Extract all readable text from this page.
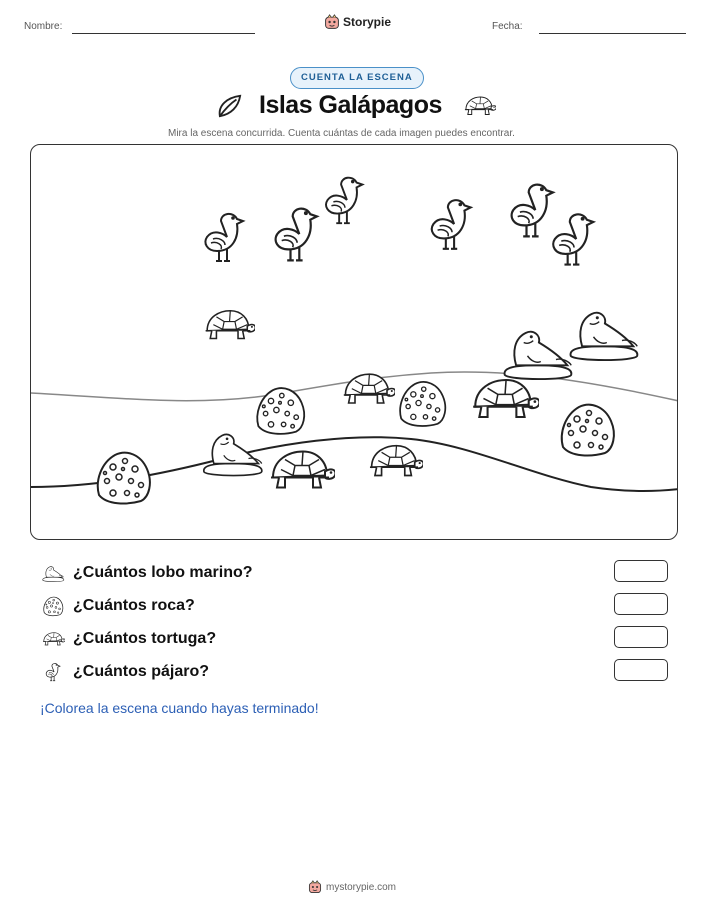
Nombre:	Storypie	Fecha:
CUENTA LA ESCENA
Islas Galápagos
Mira la escena concurrida. Cuenta cuántas de cada imagen puedes encontrar.
¿Cuántos lobo marino?
¿Cuántos roca?
¿Cuántos tortuga?
¿Cuántos pájaro?
¡Colorea la escena cuando hayas terminado!
mystorypie.com
